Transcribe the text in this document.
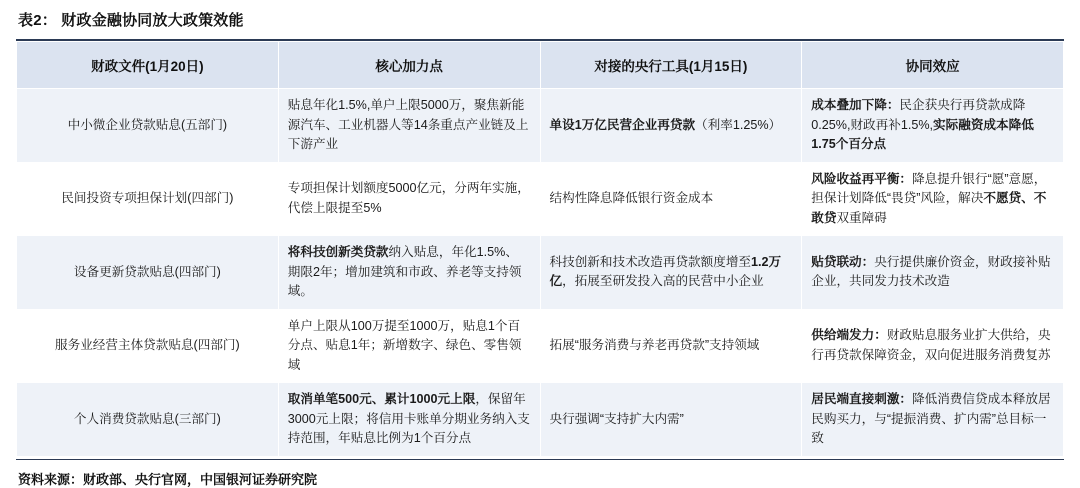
表2： 财政金融协同放大政策效能
财政文件(1月20日)	核心加力点	对接的央行工具(1月15日)	协同效应
中小微企业贷款贴息(五部门)	贴息年化1.5%,单户上限5000万，聚焦新能源汽车、工业机器人等14条重点产业链及上下游产业	单设1万亿民营企业再贷款（利率1.25%）	成本叠加下降：民企获央行再贷款成降0.25%,财政再补1.5%,实际融资成本降低1.75个百分点

民间投资专项担保计划(四部门)	专项担保计划额度5000亿元，分两年实施，代偿上限提至5%	结构性降息降低银行资金成本	风险收益再平衡：降息提升银行“愿”意愿，担保计划降低“畏贷”风险，解决不愿贷、不敢贷双重障碍

设备更新贷款贴息(四部门)	将科技创新类贷款纳入贴息，年化1.5%、期限2年；增加建筑和市政、养老等支持领域。	科技创新和技术改造再贷款额度增至1.2万亿，拓展至研发投入高的民营中小企业	贴贷联动：央行提供廉价资金，财政接补贴企业，共同发力技术改造

服务业经营主体贷款贴息(四部门)	单户上限从100万提至1000万，贴息1个百分点、贴息1年；新增数字、绿色、零售领域	拓展“服务消费与养老再贷款”支持领域	供给端发力：财政贴息服务业扩大供给，央行再贷款保障资金，双向促进服务消费复苏

个人消费贷款贴息(三部门)	取消单笔500元、累计1000元上限，保留年3000元上限；将信用卡账单分期业务纳入支持范围，年贴息比例为1个百分点	央行强调“支持扩大内需”	居民端直接刺激：降低消费信贷成本释放居民购买力，与“提振消费、扩内需”总目标一致
资料来源：财政部、央行官网，中国银河证券研究院
